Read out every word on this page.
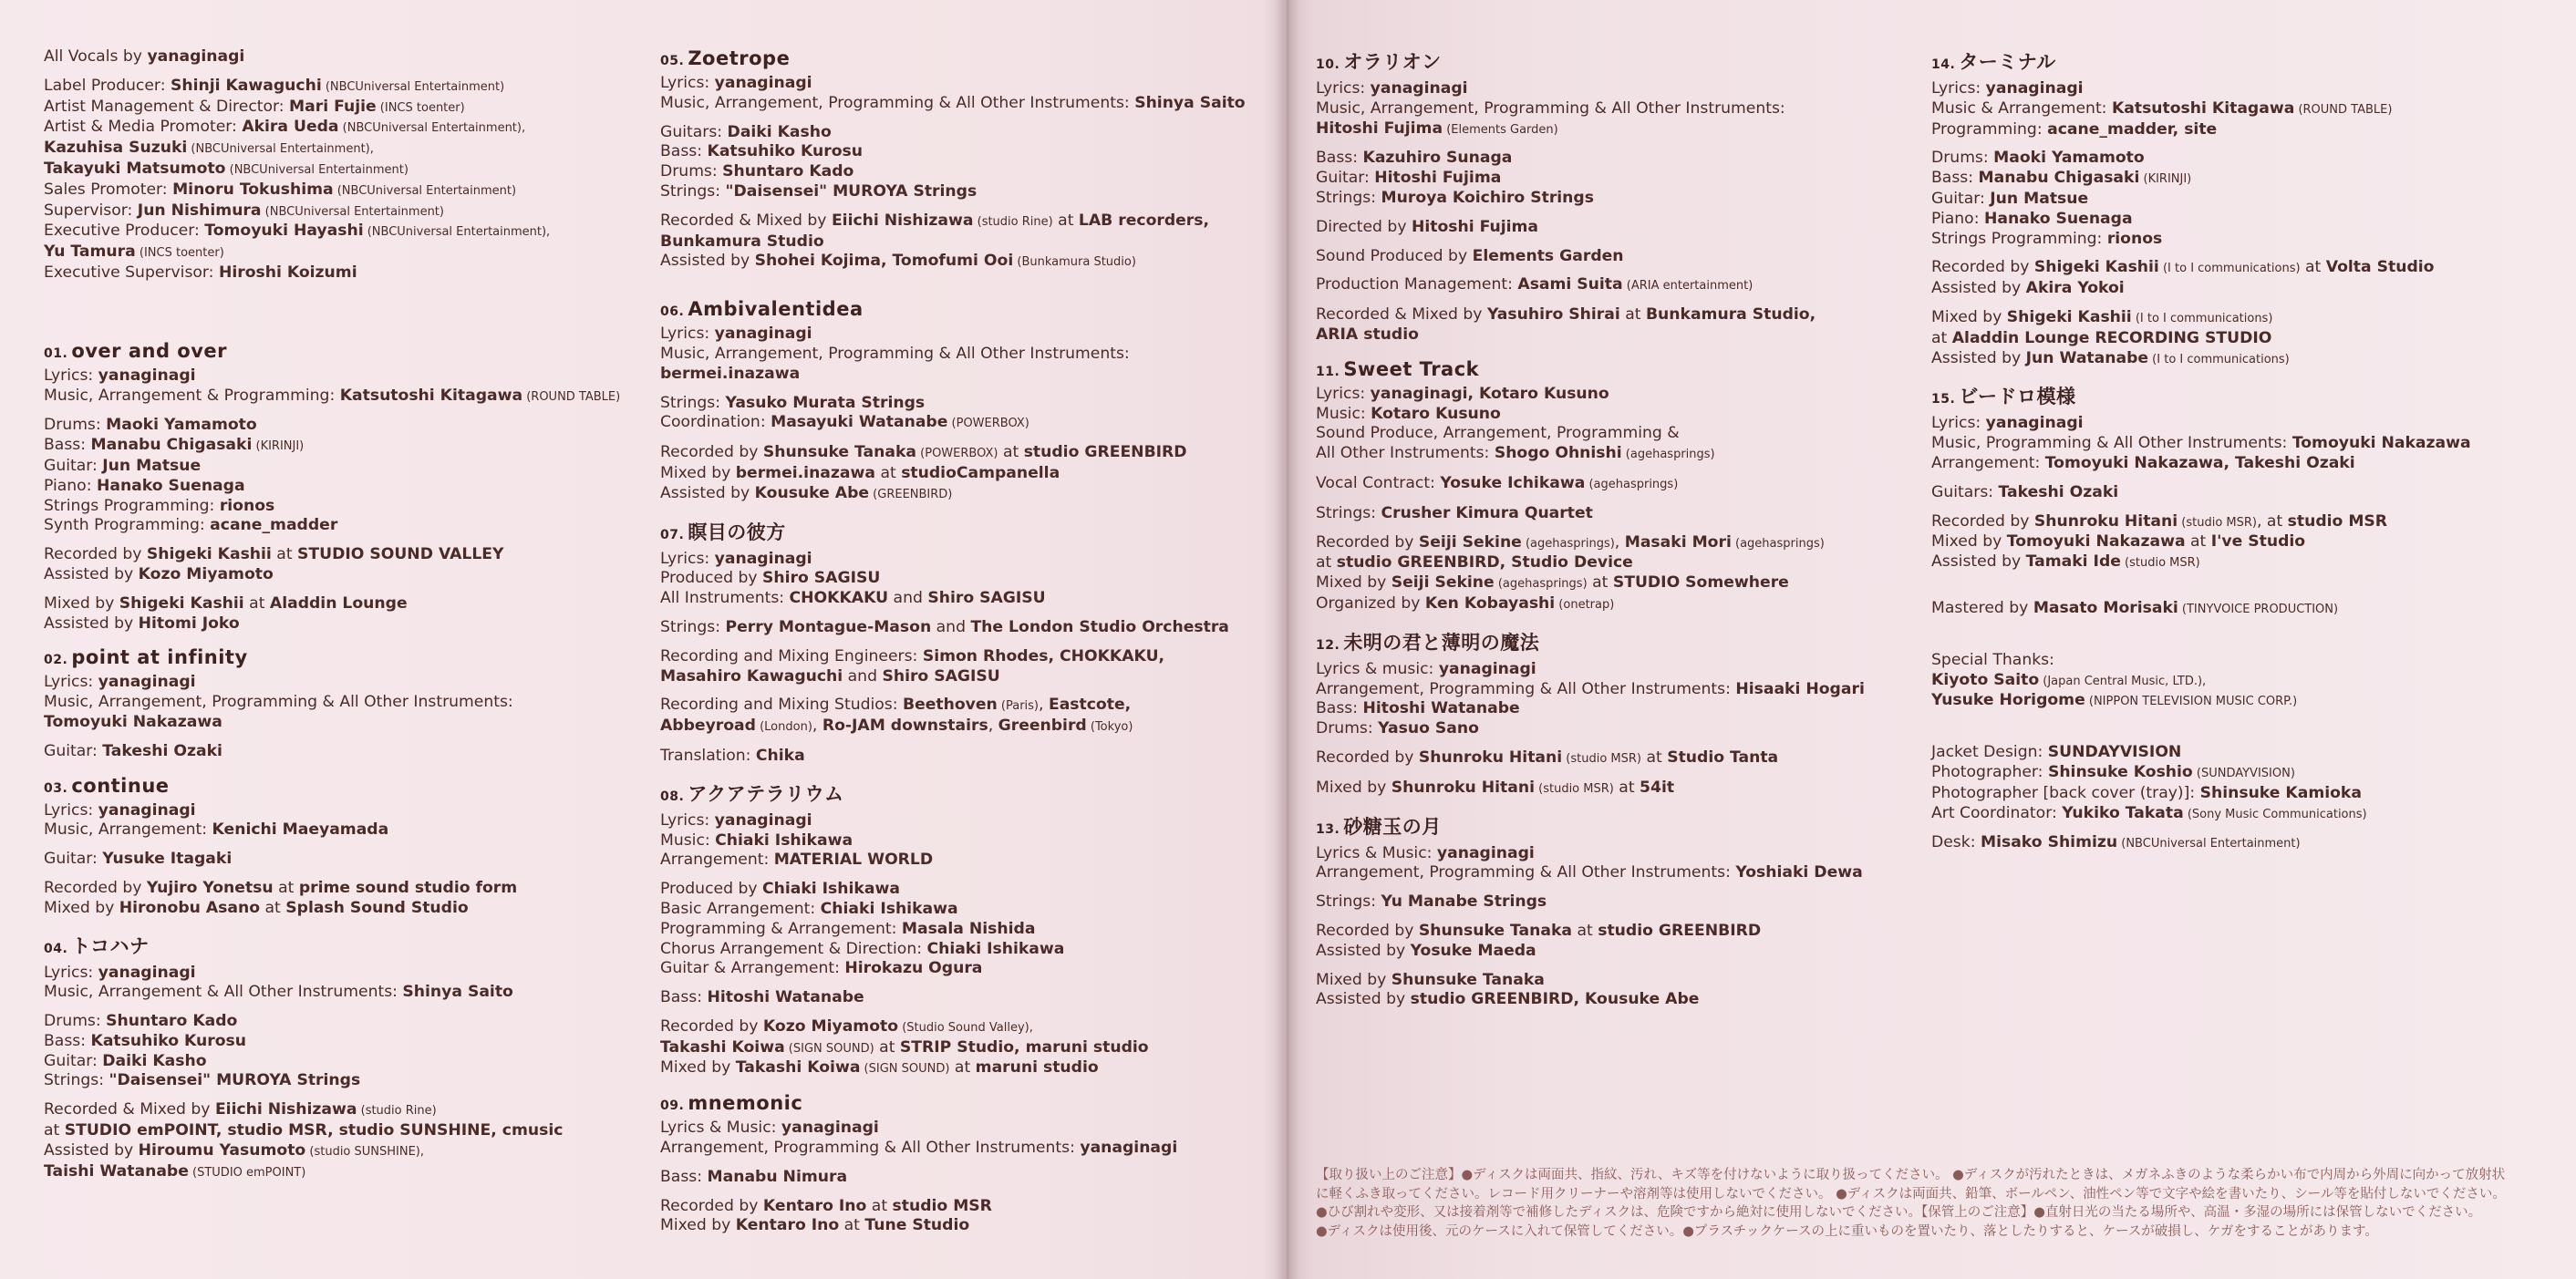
All Vocals by yanaginagi
Label Producer: Shinji Kawaguchi (NBCUniversal Entertainment)
Artist Management & Director: Mari Fujie (INCS toenter)
Artist & Media Promoter: Akira Ueda (NBCUniversal Entertainment),
Kazuhisa Suzuki (NBCUniversal Entertainment),
Takayuki Matsumoto (NBCUniversal Entertainment)
Sales Promoter: Minoru Tokushima (NBCUniversal Entertainment)
Supervisor: Jun Nishimura (NBCUniversal Entertainment)
Executive Producer: Tomoyuki Hayashi (NBCUniversal Entertainment),
Yu Tamura (INCS toenter)
Executive Supervisor: Hiroshi Koizumi
01. over and over
Lyrics: yanaginagi
Music, Arrangement & Programming: Katsutoshi Kitagawa (ROUND TABLE)
Drums: Maoki Yamamoto
Bass: Manabu Chigasaki (KIRINJI)
Guitar: Jun Matsue
Piano: Hanako Suenaga
Strings Programming: rionos
Synth Programming: acane_madder
Recorded by Shigeki Kashii at STUDIO SOUND VALLEY
Assisted by Kozo Miyamoto
Mixed by Shigeki Kashii at Aladdin Lounge
Assisted by Hitomi Joko
02. point at infinity
Lyrics: yanaginagi
Music, Arrangement, Programming & All Other Instruments:
Tomoyuki Nakazawa
Guitar: Takeshi Ozaki
03. continue
Lyrics: yanaginagi
Music, Arrangement: Kenichi Maeyamada
Guitar: Yusuke Itagaki
Recorded by Yujiro Yonetsu at prime sound studio form
Mixed by Hironobu Asano at Splash Sound Studio
04. トコハナ
Lyrics: yanaginagi
Music, Arrangement & All Other Instruments: Shinya Saito
Drums: Shuntaro Kado
Bass: Katsuhiko Kurosu
Guitar: Daiki Kasho
Strings: "Daisensei" MUROYA Strings
Recorded & Mixed by Eiichi Nishizawa (studio Rine)
at STUDIO emPOINT, studio MSR, studio SUNSHINE, cmusic
Assisted by Hiroumu Yasumoto (studio SUNSHINE),
Taishi Watanabe (STUDIO emPOINT)
05. Zoetrope
Lyrics: yanaginagi
Music, Arrangement, Programming & All Other Instruments: Shinya Saito
Guitars: Daiki Kasho
Bass: Katsuhiko Kurosu
Drums: Shuntaro Kado
Strings: "Daisensei" MUROYA Strings
Recorded & Mixed by Eiichi Nishizawa (studio Rine) at LAB recorders,
Bunkamura Studio
Assisted by Shohei Kojima, Tomofumi Ooi (Bunkamura Studio)
06. Ambivalentidea
Lyrics: yanaginagi
Music, Arrangement, Programming & All Other Instruments:
bermei.inazawa
Strings: Yasuko Murata Strings
Coordination: Masayuki Watanabe (POWERBOX)
Recorded by Shunsuke Tanaka (POWERBOX) at studio GREENBIRD
Mixed by bermei.inazawa at studioCampanella
Assisted by Kousuke Abe (GREENBIRD)
07. 瞑目の彼方
Lyrics: yanaginagi
Produced by Shiro SAGISU
All Instruments: CHOKKAKU and Shiro SAGISU
Strings: Perry Montague-Mason and The London Studio Orchestra
Recording and Mixing Engineers: Simon Rhodes, CHOKKAKU,
Masahiro Kawaguchi and Shiro SAGISU
Recording and Mixing Studios: Beethoven (Paris), Eastcote,
Abbeyroad (London), Ro-JAM downstairs, Greenbird (Tokyo)
Translation: Chika
08. アクアテラリウム
Lyrics: yanaginagi
Music: Chiaki Ishikawa
Arrangement: MATERIAL WORLD
Produced by Chiaki Ishikawa
Basic Arrangement: Chiaki Ishikawa
Programming & Arrangement: Masala Nishida
Chorus Arrangement & Direction: Chiaki Ishikawa
Guitar & Arrangement: Hirokazu Ogura
Bass: Hitoshi Watanabe
Recorded by Kozo Miyamoto (Studio Sound Valley),
Takashi Koiwa (SIGN SOUND) at STRIP Studio, maruni studio
Mixed by Takashi Koiwa (SIGN SOUND) at maruni studio
09. mnemonic
Lyrics & Music: yanaginagi
Arrangement, Programming & All Other Instruments: yanaginagi
Bass: Manabu Nimura
Recorded by Kentaro Ino at studio MSR
Mixed by Kentaro Ino at Tune Studio
10. オラリオン
Lyrics: yanaginagi
Music, Arrangement, Programming & All Other Instruments:
Hitoshi Fujima (Elements Garden)
Bass: Kazuhiro Sunaga
Guitar: Hitoshi Fujima
Strings: Muroya Koichiro Strings
Directed by Hitoshi Fujima
Sound Produced by Elements Garden
Production Management: Asami Suita (ARIA entertainment)
Recorded & Mixed by Yasuhiro Shirai at Bunkamura Studio,
ARIA studio
11. Sweet Track
Lyrics: yanaginagi, Kotaro Kusuno
Music: Kotaro Kusuno
Sound Produce, Arrangement, Programming &
All Other Instruments: Shogo Ohnishi (agehasprings)
Vocal Contract: Yosuke Ichikawa (agehasprings)
Strings: Crusher Kimura Quartet
Recorded by Seiji Sekine (agehasprings), Masaki Mori (agehasprings)
at studio GREENBIRD, Studio Device
Mixed by Seiji Sekine (agehasprings) at STUDIO Somewhere
Organized by Ken Kobayashi (onetrap)
12. 未明の君と薄明の魔法
Lyrics & music: yanaginagi
Arrangement, Programming & All Other Instruments: Hisaaki Hogari
Bass: Hitoshi Watanabe
Drums: Yasuo Sano
Recorded by Shunroku Hitani (studio MSR) at Studio Tanta
Mixed by Shunroku Hitani (studio MSR) at 54it
13. 砂糖玉の月
Lyrics & Music: yanaginagi
Arrangement, Programming & All Other Instruments: Yoshiaki Dewa
Strings: Yu Manabe Strings
Recorded by Shunsuke Tanaka at studio GREENBIRD
Assisted by Yosuke Maeda
Mixed by Shunsuke Tanaka
Assisted by studio GREENBIRD, Kousuke Abe
14. ターミナル
Lyrics: yanaginagi
Music & Arrangement: Katsutoshi Kitagawa (ROUND TABLE)
Programming: acane_madder, site
Drums: Maoki Yamamoto
Bass: Manabu Chigasaki (KIRINJI)
Guitar: Jun Matsue
Piano: Hanako Suenaga
Strings Programming: rionos
Recorded by Shigeki Kashii (I to I communications) at Volta Studio
Assisted by Akira Yokoi
Mixed by Shigeki Kashii (I to I communications)
at Aladdin Lounge RECORDING STUDIO
Assisted by Jun Watanabe (I to I communications)
15. ビードロ模様
Lyrics: yanaginagi
Music, Programming & All Other Instruments: Tomoyuki Nakazawa
Arrangement: Tomoyuki Nakazawa, Takeshi Ozaki
Guitars: Takeshi Ozaki
Recorded by Shunroku Hitani (studio MSR), at studio MSR
Mixed by Tomoyuki Nakazawa at I've Studio
Assisted by Tamaki Ide (studio MSR)
Mastered by Masato Morisaki (TINYVOICE PRODUCTION)
Special Thanks:
Kiyoto Saito (Japan Central Music, LTD.),
Yusuke Horigome (NIPPON TELEVISION MUSIC CORP.)
Jacket Design: SUNDAYVISION
Photographer: Shinsuke Koshio (SUNDAYVISION)
Photographer [back cover (tray)]: Shinsuke Kamioka
Art Coordinator: Yukiko Takata (Sony Music Communications)
Desk: Misako Shimizu (NBCUniversal Entertainment)
【取り扱い上のご注意】●ディスクは両面共、指紋、汚れ、キズ等を付けないように取り扱ってください。 ●ディスクが汚れたときは、メガネふきのような柔らかい布で内周から外周に向かって放射状
に軽くふき取ってください。レコード用クリーナーや溶剤等は使用しないでください。 ●ディスクは両面共、鉛筆、ボールペン、油性ペン等で文字や絵を書いたり、シール等を貼付しないでください。
●ひび割れや変形、又は接着剤等で補修したディスクは、危険ですから絶対に使用しないでください。【保管上のご注意】●直射日光の当たる場所や、高温・多湿の場所には保管しないでください。
●ディスクは使用後、元のケースに入れて保管してください。●プラスチックケースの上に重いものを置いたり、落としたりすると、ケースが破損し、ケガをすることがあります。
